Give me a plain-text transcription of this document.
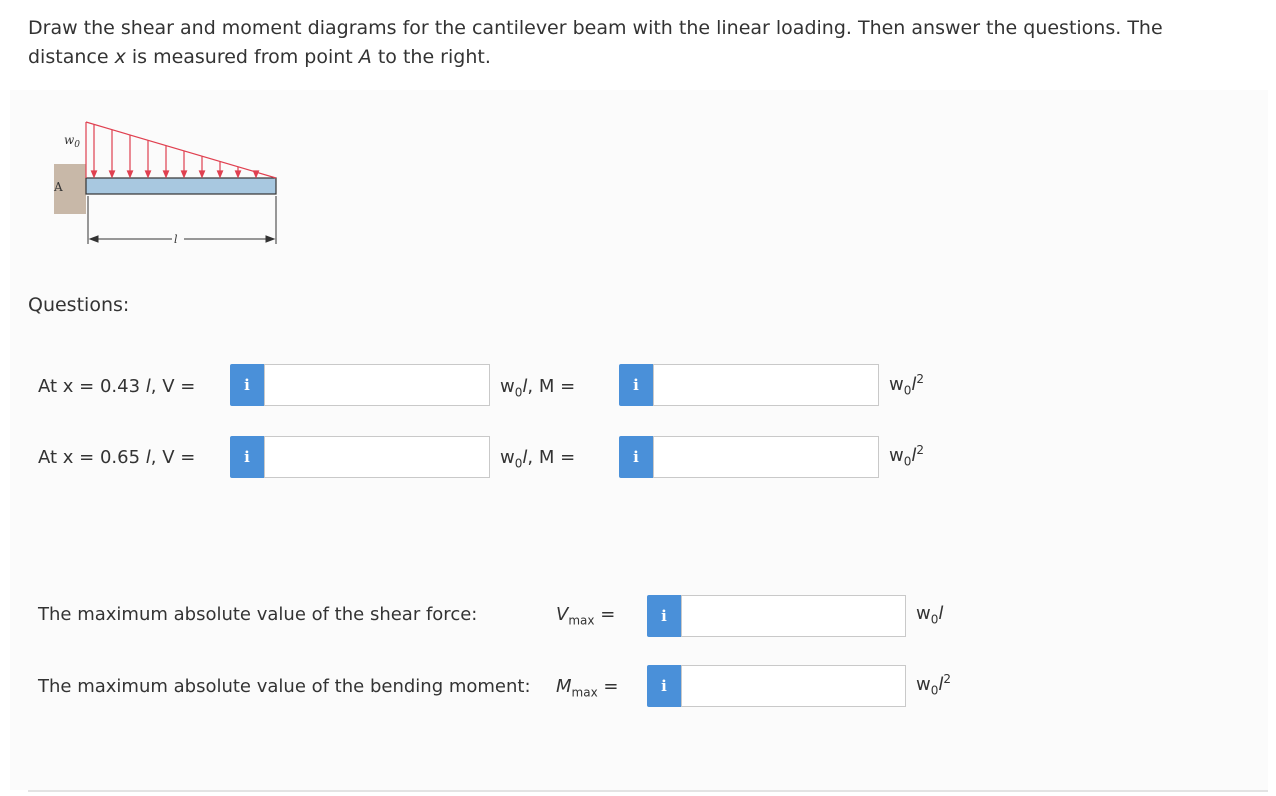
Draw the shear and moment diagrams for the cantilever beam with the linear loading. Then answer the questions. The distance x is measured from point A to the right.
$w_0$
A
l
Questions:
At x = 0.43 l, V =	i	$w_0l$, M =	i	$w_0l^2$
At x = 0.65 l, V =	i	$w_0l$, M =	i	$w_0l^2$
The maximum absolute value of the shear force:	$V_{max}$ =	i	$w_0l$
The maximum absolute value of the bending moment: $M_{max}$ =	i	$w_0l^2$
